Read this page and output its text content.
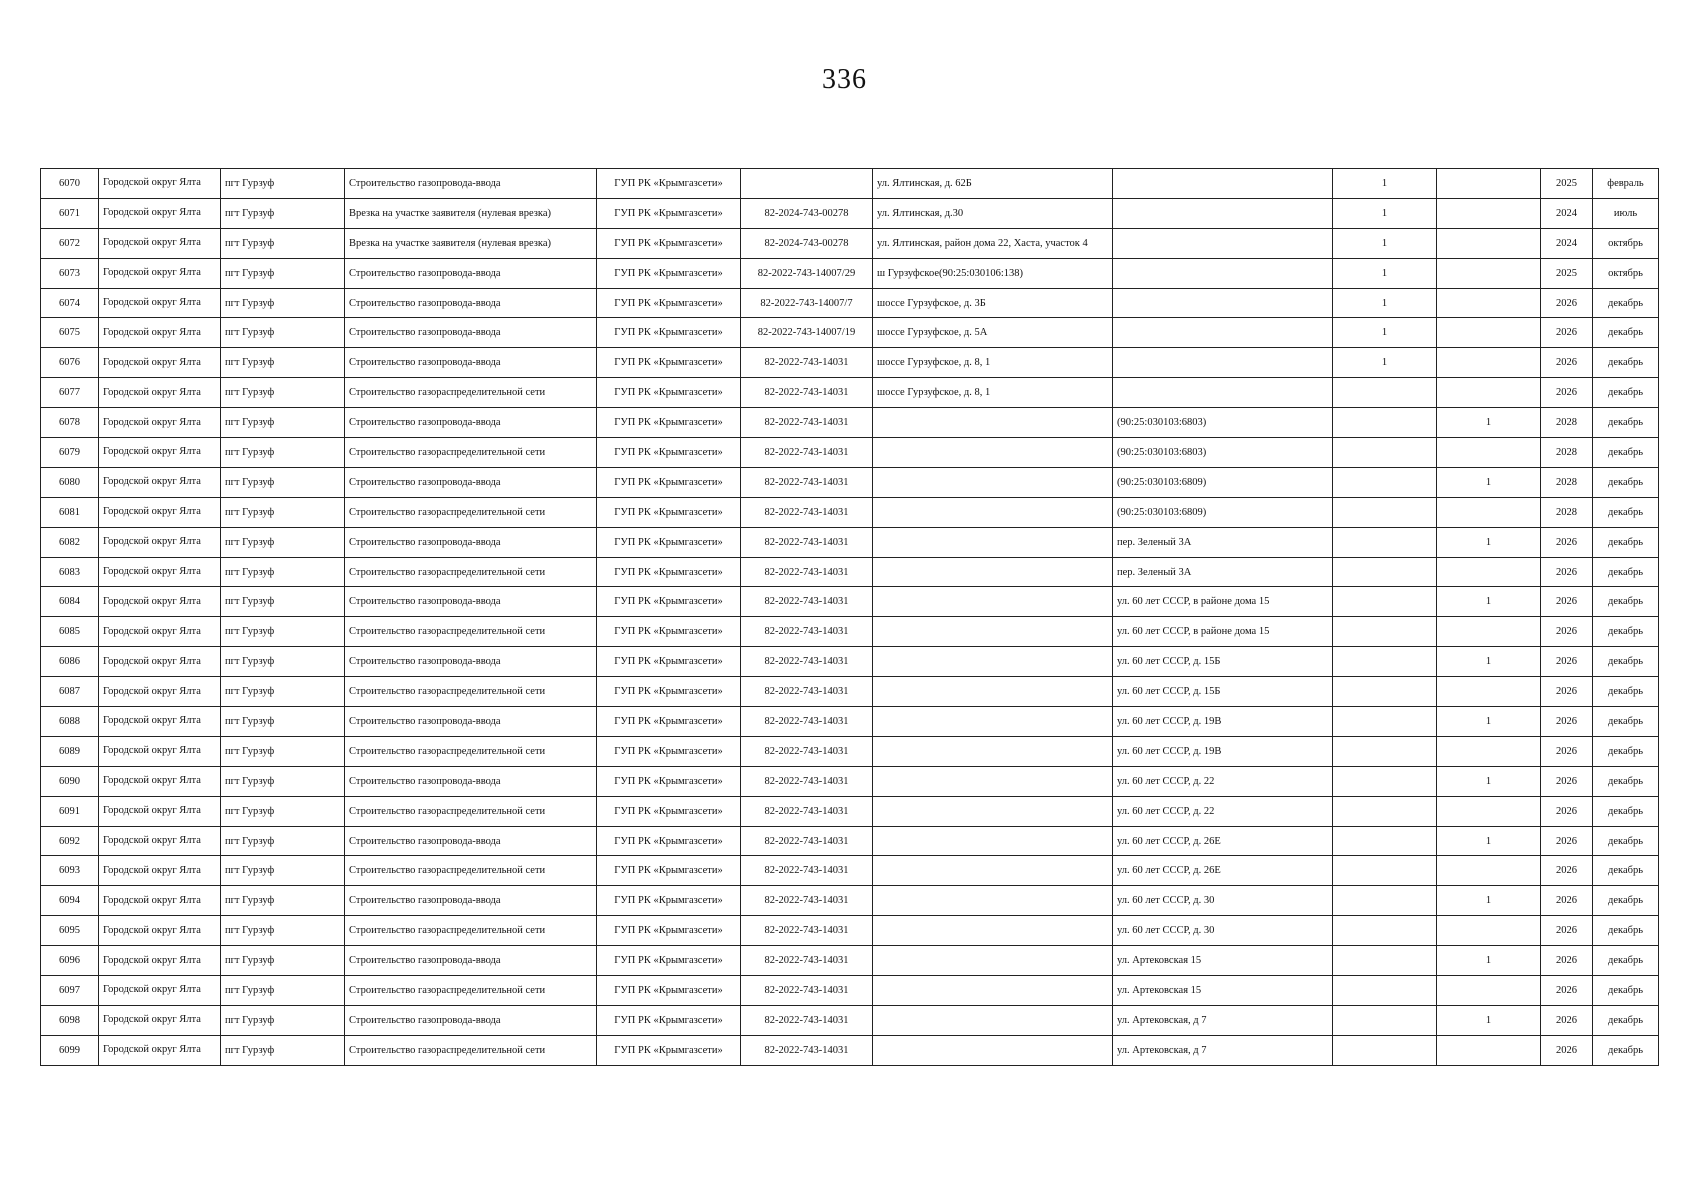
336
6070	Городской округ Ялта	пгт Гурзуф	Строительство газопровода-ввода	ГУП РК «Крымгазсети»		ул. Ялтинская, д. 62Б		1		2025	февраль
6071	Городской округ Ялта	пгт Гурзуф	Врезка на участке заявителя (нулевая врезка)	ГУП РК «Крымгазсети»	82-2024-743-00278	ул. Ялтинская, д.30		1		2024	июль
6072	Городской округ Ялта	пгт Гурзуф	Врезка на участке заявителя (нулевая врезка)	ГУП РК «Крымгазсети»	82-2024-743-00278	ул. Ялтинская, район дома 22, Хаста, участок 4		1		2024	октябрь
6073	Городской округ Ялта	пгт Гурзуф	Строительство газопровода-ввода	ГУП РК «Крымгазсети»	82-2022-743-14007/29	ш Гурзуфское(90:25:030106:138)		1		2025	октябрь
6074	Городской округ Ялта	пгт Гурзуф	Строительство газопровода-ввода	ГУП РК «Крымгазсети»	82-2022-743-14007/7	шоссе Гурзуфское, д. 3Б		1		2026	декабрь
6075	Городской округ Ялта	пгт Гурзуф	Строительство газопровода-ввода	ГУП РК «Крымгазсети»	82-2022-743-14007/19	шоссе Гурзуфское, д. 5А		1		2026	декабрь
6076	Городской округ Ялта	пгт Гурзуф	Строительство газопровода-ввода	ГУП РК «Крымгазсети»	82-2022-743-14031	шоссе Гурзуфское, д. 8, 1		1		2026	декабрь
6077	Городской округ Ялта	пгт Гурзуф	Строительство газораспределительной сети	ГУП РК «Крымгазсети»	82-2022-743-14031	шоссе Гурзуфское, д. 8, 1				2026	декабрь
6078	Городской округ Ялта	пгт Гурзуф	Строительство газопровода-ввода	ГУП РК «Крымгазсети»	82-2022-743-14031		(90:25:030103:6803)		1	2028	декабрь
6079	Городской округ Ялта	пгт Гурзуф	Строительство газораспределительной сети	ГУП РК «Крымгазсети»	82-2022-743-14031		(90:25:030103:6803)			2028	декабрь
6080	Городской округ Ялта	пгт Гурзуф	Строительство газопровода-ввода	ГУП РК «Крымгазсети»	82-2022-743-14031		(90:25:030103:6809)		1	2028	декабрь
6081	Городской округ Ялта	пгт Гурзуф	Строительство газораспределительной сети	ГУП РК «Крымгазсети»	82-2022-743-14031		(90:25:030103:6809)			2028	декабрь
6082	Городской округ Ялта	пгт Гурзуф	Строительство газопровода-ввода	ГУП РК «Крымгазсети»	82-2022-743-14031		пер. Зеленый 3А		1	2026	декабрь
6083	Городской округ Ялта	пгт Гурзуф	Строительство газораспределительной сети	ГУП РК «Крымгазсети»	82-2022-743-14031		пер. Зеленый 3А			2026	декабрь
6084	Городской округ Ялта	пгт Гурзуф	Строительство газопровода-ввода	ГУП РК «Крымгазсети»	82-2022-743-14031		ул. 60 лет СССР, в районе дома 15		1	2026	декабрь
6085	Городской округ Ялта	пгт Гурзуф	Строительство газораспределительной сети	ГУП РК «Крымгазсети»	82-2022-743-14031		ул. 60 лет СССР, в районе дома 15			2026	декабрь
6086	Городской округ Ялта	пгт Гурзуф	Строительство газопровода-ввода	ГУП РК «Крымгазсети»	82-2022-743-14031		ул. 60 лет СССР, д. 15Б		1	2026	декабрь
6087	Городской округ Ялта	пгт Гурзуф	Строительство газораспределительной сети	ГУП РК «Крымгазсети»	82-2022-743-14031		ул. 60 лет СССР, д. 15Б			2026	декабрь
6088	Городской округ Ялта	пгт Гурзуф	Строительство газопровода-ввода	ГУП РК «Крымгазсети»	82-2022-743-14031		ул. 60 лет СССР, д. 19В		1	2026	декабрь
6089	Городской округ Ялта	пгт Гурзуф	Строительство газораспределительной сети	ГУП РК «Крымгазсети»	82-2022-743-14031		ул. 60 лет СССР, д. 19В			2026	декабрь
6090	Городской округ Ялта	пгт Гурзуф	Строительство газопровода-ввода	ГУП РК «Крымгазсети»	82-2022-743-14031		ул. 60 лет СССР, д. 22		1	2026	декабрь
6091	Городской округ Ялта	пгт Гурзуф	Строительство газораспределительной сети	ГУП РК «Крымгазсети»	82-2022-743-14031		ул. 60 лет СССР, д. 22			2026	декабрь
6092	Городской округ Ялта	пгт Гурзуф	Строительство газопровода-ввода	ГУП РК «Крымгазсети»	82-2022-743-14031		ул. 60 лет СССР, д. 26Е		1	2026	декабрь
6093	Городской округ Ялта	пгт Гурзуф	Строительство газораспределительной сети	ГУП РК «Крымгазсети»	82-2022-743-14031		ул. 60 лет СССР, д. 26Е			2026	декабрь
6094	Городской округ Ялта	пгт Гурзуф	Строительство газопровода-ввода	ГУП РК «Крымгазсети»	82-2022-743-14031		ул. 60 лет СССР, д. 30		1	2026	декабрь
6095	Городской округ Ялта	пгт Гурзуф	Строительство газораспределительной сети	ГУП РК «Крымгазсети»	82-2022-743-14031		ул. 60 лет СССР, д. 30			2026	декабрь
6096	Городской округ Ялта	пгт Гурзуф	Строительство газопровода-ввода	ГУП РК «Крымгазсети»	82-2022-743-14031		ул. Артековская 15		1	2026	декабрь
6097	Городской округ Ялта	пгт Гурзуф	Строительство газораспределительной сети	ГУП РК «Крымгазсети»	82-2022-743-14031		ул. Артековская 15			2026	декабрь
6098	Городской округ Ялта	пгт Гурзуф	Строительство газопровода-ввода	ГУП РК «Крымгазсети»	82-2022-743-14031		ул. Артековская, д 7		1	2026	декабрь
6099	Городской округ Ялта	пгт Гурзуф	Строительство газораспределительной сети	ГУП РК «Крымгазсети»	82-2022-743-14031		ул. Артековская, д 7			2026	декабрь
